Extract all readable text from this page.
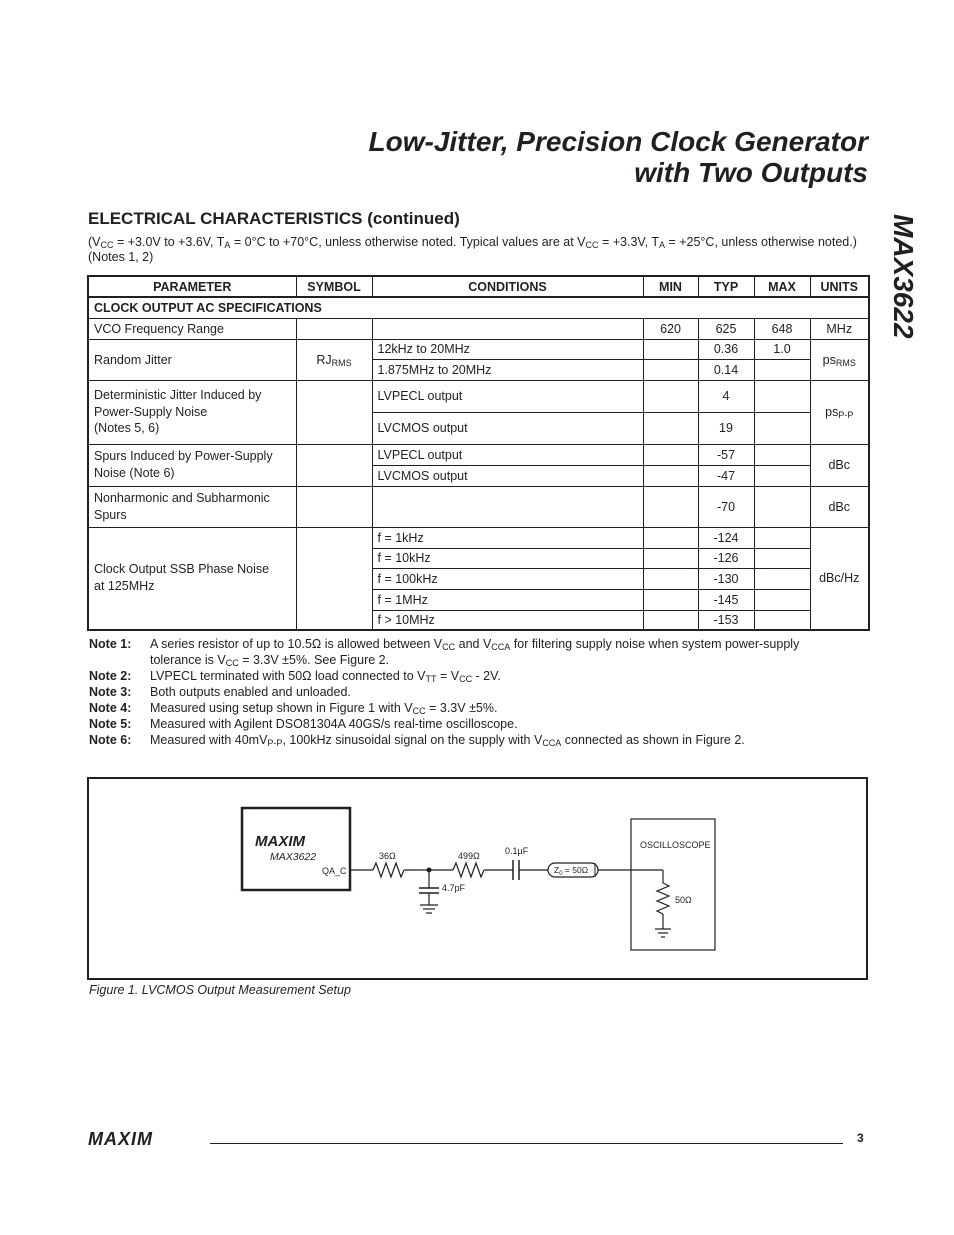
Low-Jitter, Precision Clock Generator
with Two Outputs
MAX3622
ELECTRICAL CHARACTERISTICS (continued)
($V_{CC} = +3.0V$ to +3.6V, $T_A = 0^\circ C$ to +70°C, unless otherwise noted. Typical values are at $V_{CC} = +3.3V$, $T_A = +25^\circ C$, unless otherwise noted.) (Notes 1, 2)
PARAMETER	SYMBOL	CONDITIONS	MIN	TYP	MAX	UNITS
CLOCK OUTPUT AC SPECIFICATIONS						
VCO Frequency Range			620	625	648	MHz
Random Jitter	$RJ_{RMS}$	12kHz to 20MHz		0.36	1.0	$ps_{RMS}$
		1.875MHz to 20MHz		0.14		

Deterministic Jitter Induced by
Power-Supply Noise
(Notes 5, 6)		LVPECL output		4		$ps_{P-P}$
		LVCMOS output		19		

Spurs Induced by Power-Supply
Noise (Note 6)		LVPECL output		-57		dBc
		LVCMOS output		-47		

Nonharmonic and Subharmonic
Spurs				-70		dBc

Clock Output SSB Phase Noise
at 125MHz		f = 1kHz		-124		dBc/Hz
		f = 10kHz		-126		
		f = 100kHz		-130		
		f = 1MHz		-145		
		f > 10MHz		-153		
Note 1:	A series resistor of up to 10.5Ω is allowed between $V_{CC}$ and $V_{CCA}$ for filtering supply noise when system power-supply
tolerance is $V_{CC} = 3.3V \pm 5\%$. See Figure 2.
Note 2:	LVPECL terminated with 50Ω load connected to $V_{TT} = V_{CC} - 2V$.
Note 3:	Both outputs enabled and unloaded.
Note 4:	Measured using setup shown in Figure 1 with $V_{CC} = 3.3V \pm 5\%$.
Note 5:	Measured with Agilent DSO81304A 40GS/s real-time oscilloscope.
Note 6:	Measured with $40mV_{P-P}$, 100kHz sinusoidal signal on the supply with $V_{CCA}$ connected as shown in Figure 2.
MAXIM
MAX3622
QA_C
36Ω
4.7pF
499Ω	0.1μF
$Z_0 = 50\Omega$
OSCILLOSCOPE
50Ω
Figure 1. LVCMOS Output Measurement Setup
MAXIM	3
